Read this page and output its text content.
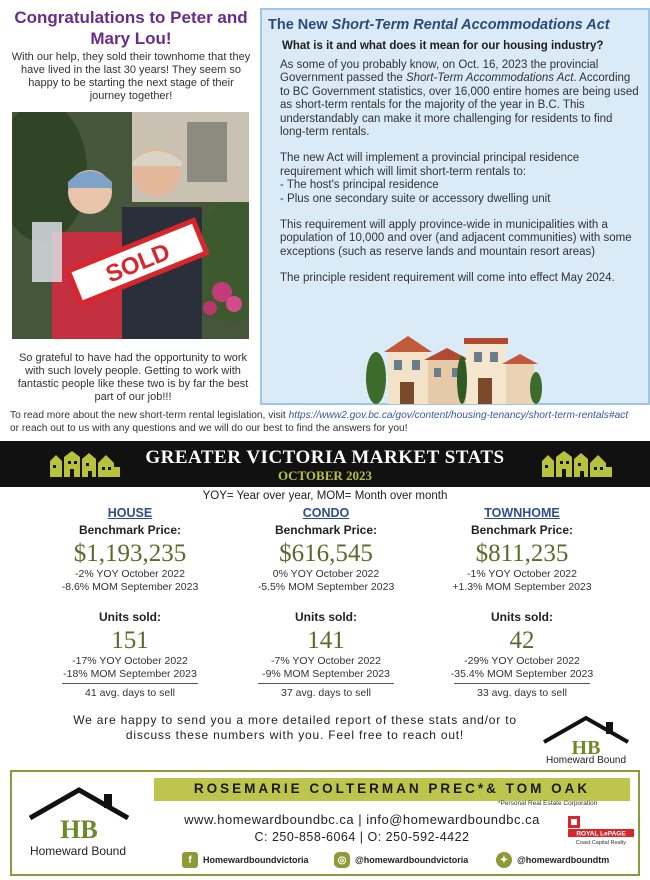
Congratulations to Peter and Mary Lou!
With our help, they sold their townhome that they have lived in the last 30 years! They seem so happy to be starting the next stage of their journey together!
SOLD
So grateful to have had the opportunity to work with such lovely people. Getting to work with fantastic people like these two is by far the best part of our job!!!
The New Short-Term Rental Accommodations Act
What is it and what does it mean for our housing industry?

As some of you probably know, on Oct. 16, 2023 the provincial Government passed the Short-Term Accommodations Act. According to BC Government statistics, over 16,000 entire homes are being used as short-term rentals for the majority of the year in B.C. This understandably can make it more challenging for residents to find long-term rentals.

The new Act will implement a provincial principal residence requirement which will limit short-term rentals to:
- The host's principal residence
- Plus one secondary suite or accessory dwelling unit

This requirement will apply province-wide in municipalities with a population of 10,000 and over (and adjacent communities) with some exceptions (such as reserve lands and mountain resort areas)

The principle resident requirement will come into effect May 2024.

To read more about the new short-term rental legislation, visit https://www2.gov.bc.ca/gov/content/housing-tenancy/short-term-rentals#act or reach out to us with any questions and we will do our best to find the answers for you!
GREATER VICTORIA MARKET STATS
OCTOBER 2023
YOY= Year over year, MOM= Month over month
HOUSE
Benchmark Price:
$1,193,235
-2% YOY October 2022
-8.6% MOM September 2023
Units sold:
151
-17% YOY October 2022
-18% MOM September 2023
41 avg. days to sell
CONDO
Benchmark Price:
$616,545
0% YOY October 2022
-5.5% MOM September 2023
Units sold:
141
-7% YOY October 2022
-9% MOM September 2023
37 avg. days to sell
TOWNHOME
Benchmark Price:
$811,235
-1% YOY October 2022
+1.3% MOM September 2023
Units sold:
42
-29% YOY October 2022
-35.4% MOM September 2023
33 avg. days to sell
We are happy to send you a more detailed report of these stats and/or to discuss these numbers with you. Feel free to reach out!
HB
Homeward Bound
HB
Homeward Bound
ROSEMARIE COLTERMAN PREC*& TOM OAK
*Personal Real Estate Corporation
www.homewardboundbc.ca | info@homewardboundbc.ca
C: 250-858-6064 | O: 250-592-4422	ROYAL LePAGE
Coast Capital Realty
f	Homewardboundvictoria	◎ @homewardboundvictoria	✦ @homewardboundtm
